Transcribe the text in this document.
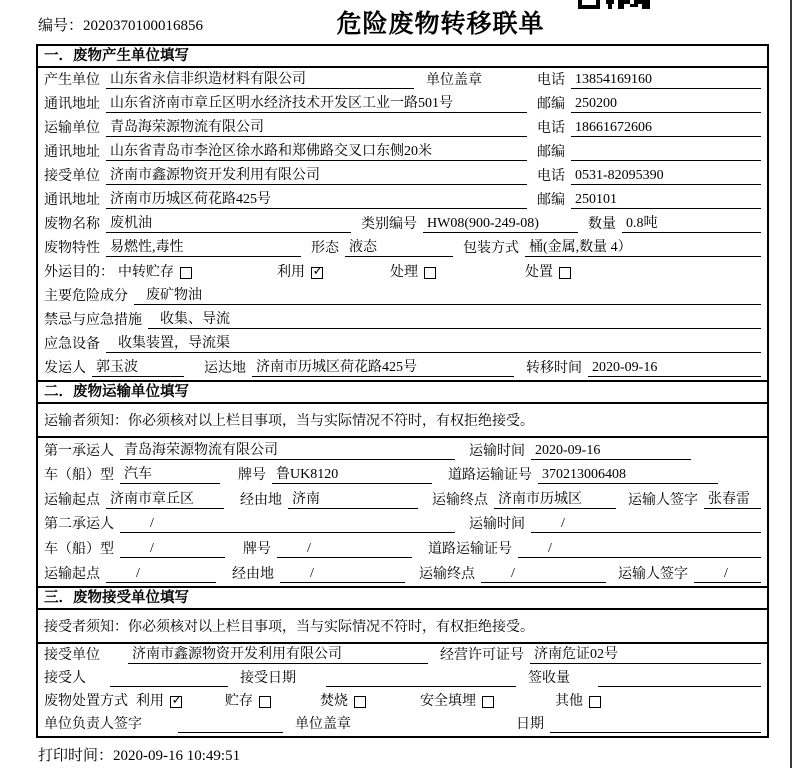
编号：2020370100016856	危险废物转移联单
一．废物产生单位填写
产生单位 山东省永信非织造材料有限公司	单位盖章	电话 13854169160
通讯地址 山东省济南市章丘区明水经济技术开发区工业一路501号	邮编 250200
运输单位 青岛海荣源物流有限公司	电话 18661672606
通讯地址 山东省青岛市李沧区徐水路和郑佛路交叉口东侧20米	邮编
接受单位 济南市鑫源物资开发利用有限公司	电话 0531-82095390
通讯地址 济南市历城区荷花路425号	邮编 250101
废物名称 废机油	类别编号 HW08(900-249-08)	数量 0.8吨
废物特性 易燃性,毒性	形态 液态	包装方式 桶(金属,数量 4）
外运目的： 中转贮存	利用 ✓	处理	处置
主要危险成分	废矿物油
禁忌与应急措施	收集、导流
应急设备	收集装置，导流渠
发运人 郭玉波	运达地 济南市历城区荷花路425号	转移时间 2020-09-16
二．废物运输单位填写
运输者须知：你必须核对以上栏目事项，当与实际情况不符时，有权拒绝接受。
第一承运人 青岛海荣源物流有限公司	运输时间 2020-09-16
车（船）型 汽车	牌号 鲁UK8120	道路运输证号 370213006408
运输起点 济南市章丘区	经由地 济南	运输终点 济南市历城区	运输人签字 张春雷
第二承运人	/	运输时间	/
车（船）型	/	牌号	/	道路运输证号	/
运输起点	/	经由地	/	运输终点	/	运输人签字	/
三．废物接受单位填写
接受者须知：你必须核对以上栏目事项，当与实际情况不符时，有权拒绝接受。
接受单位 济南市鑫源物资开发利用有限公司	经营许可证号 济南危证02号
接受人	接受日期	签收量
废物处置方式 利用 ✓	贮存	焚烧	安全填埋	其他
单位负责人签字	单位盖章	日期
打印时间：2020-09-16 10:49:51
